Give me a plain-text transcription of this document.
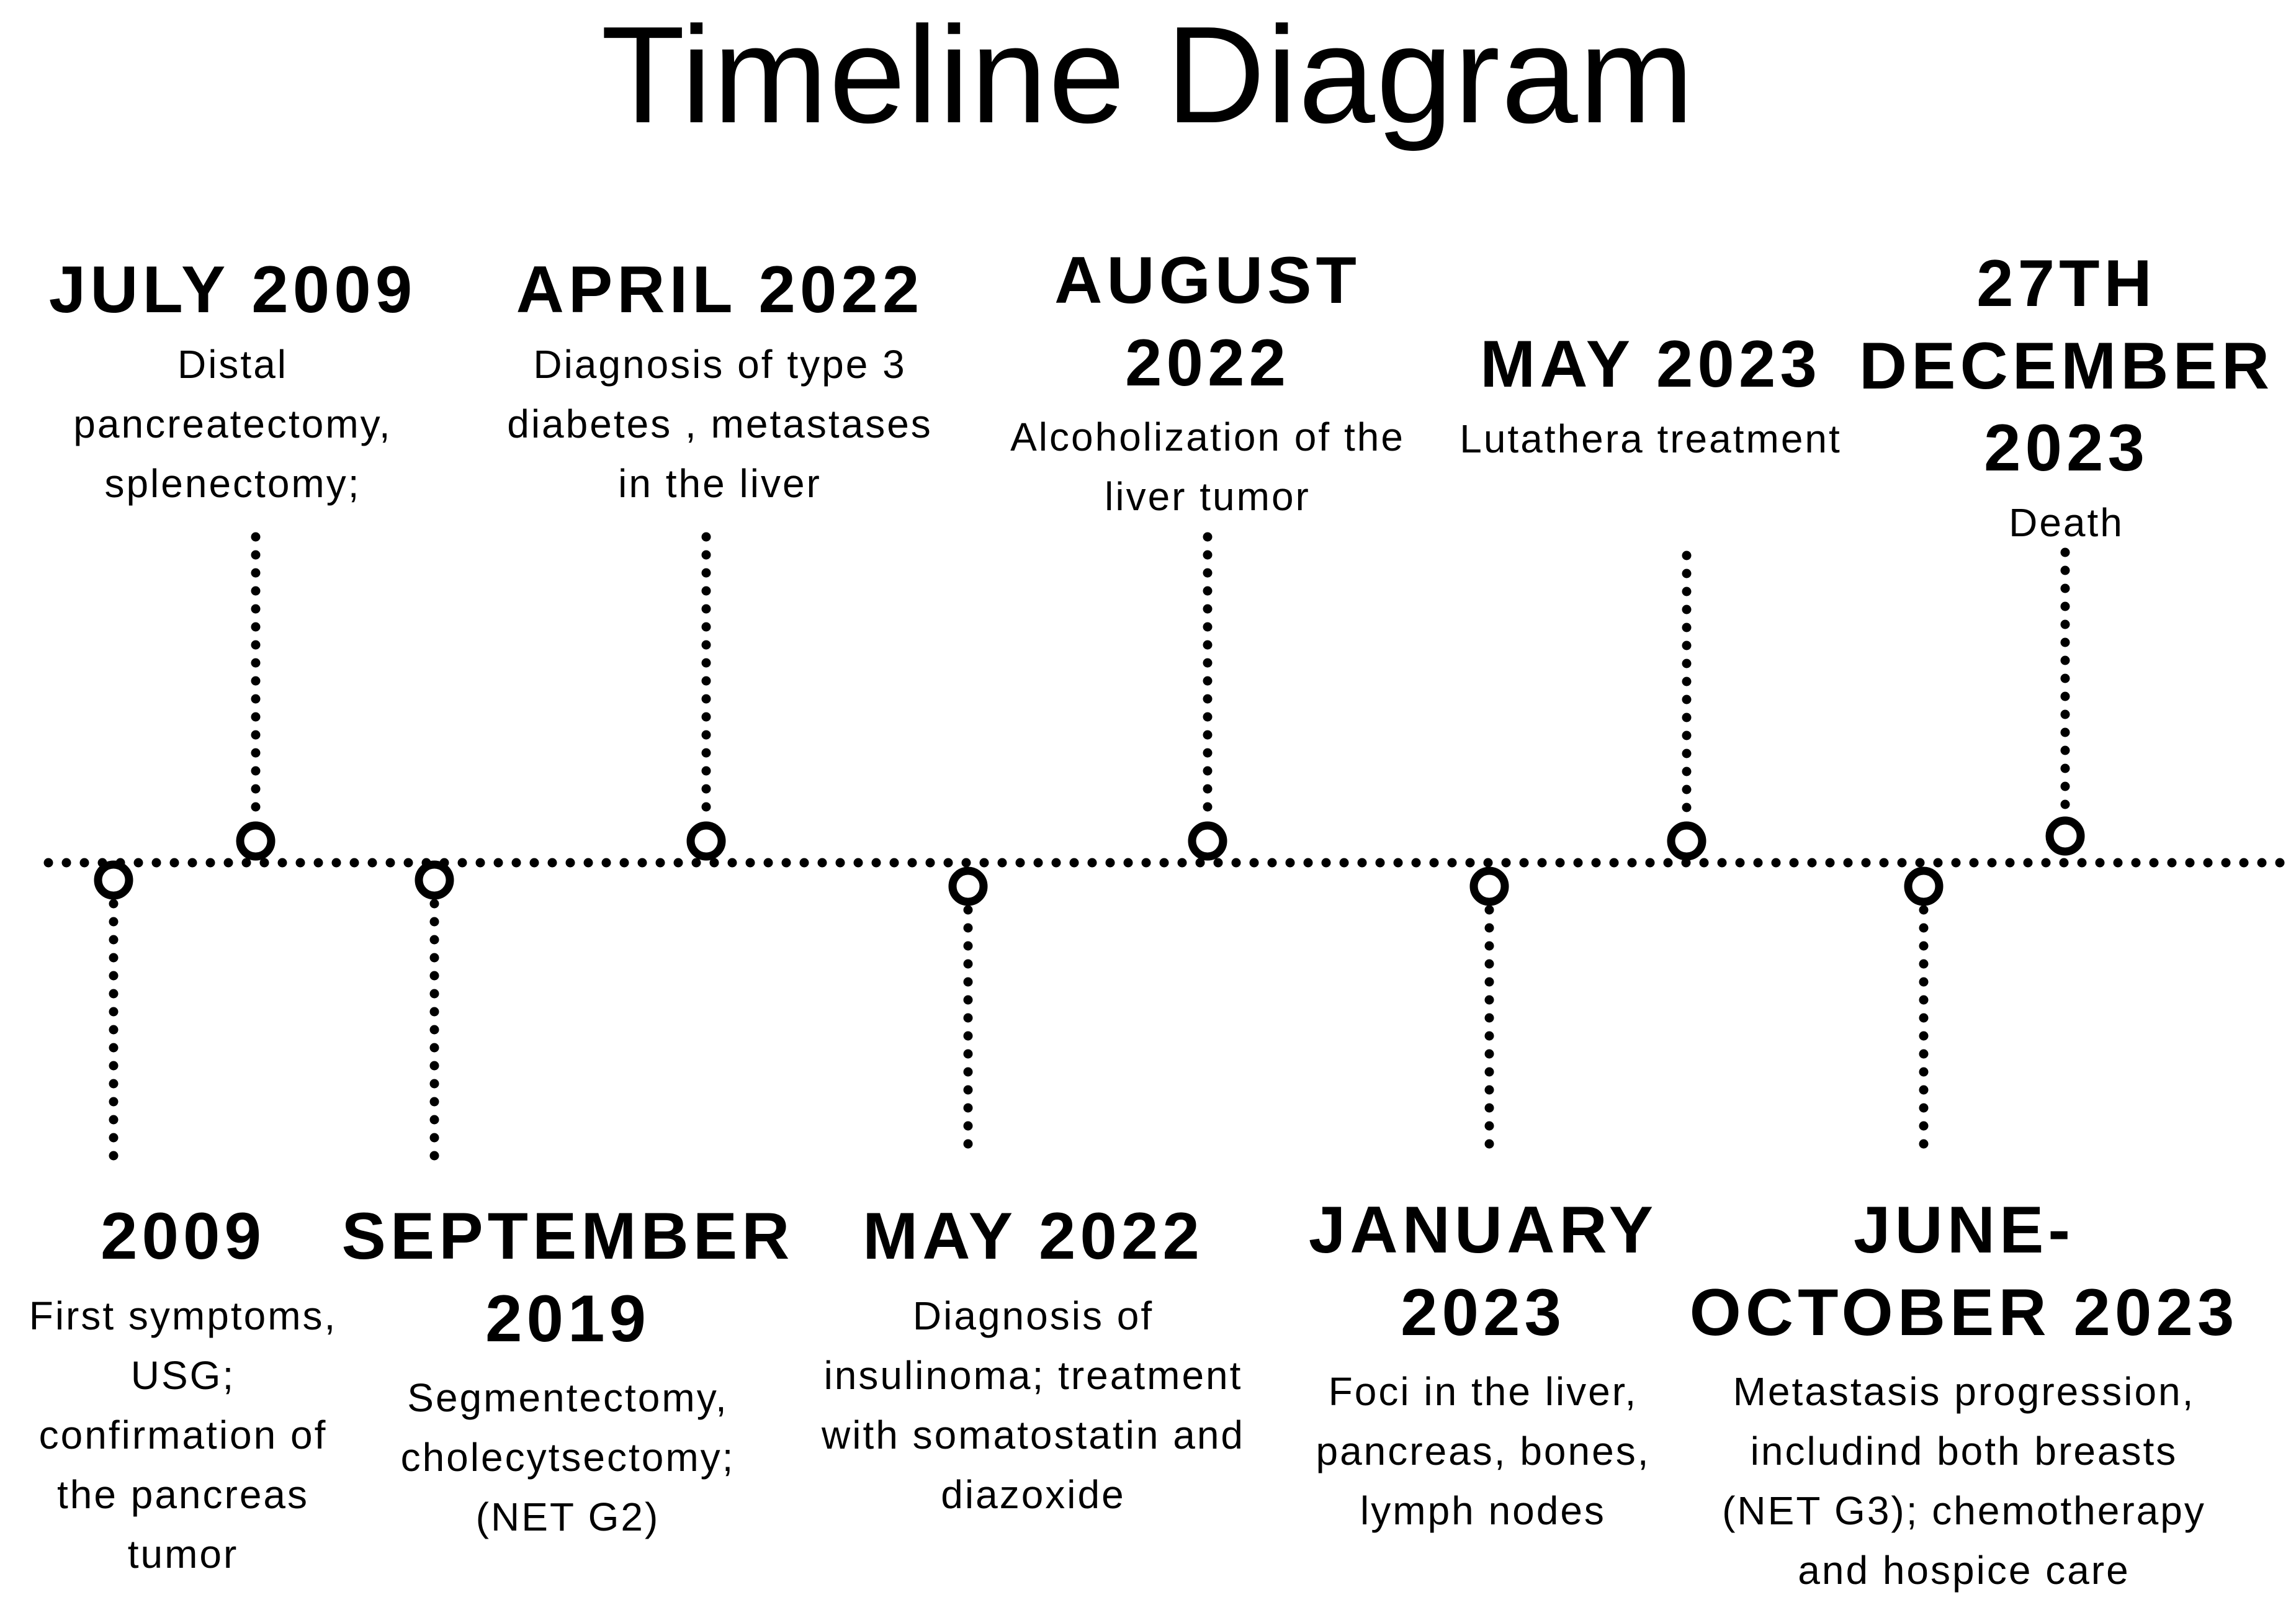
Timeline Diagram
JULY 2009
Distal
pancreatectomy,
splenectomy;
APRIL 2022
Diagnosis of type 3
diabetes , metastases
in the liver
AUGUST
2022
Alcoholization of the
liver tumor
MAY 2023
Lutathera treatment
27TH
DECEMBER
2023
Death
2009
First symptoms,
USG;
confirmation of
the pancreas
tumor
SEPTEMBER
2019
Segmentectomy,
cholecytsectomy;
(NET G2)
MAY 2022
Diagnosis of
insulinoma; treatment
with somatostatin and
diazoxide
JANUARY
2023
Foci in the liver,
pancreas, bones,
lymph nodes
JUNE-
OCTOBER 2023
Metastasis progression,
includind both breasts
(NET G3); chemotherapy
and hospice care
